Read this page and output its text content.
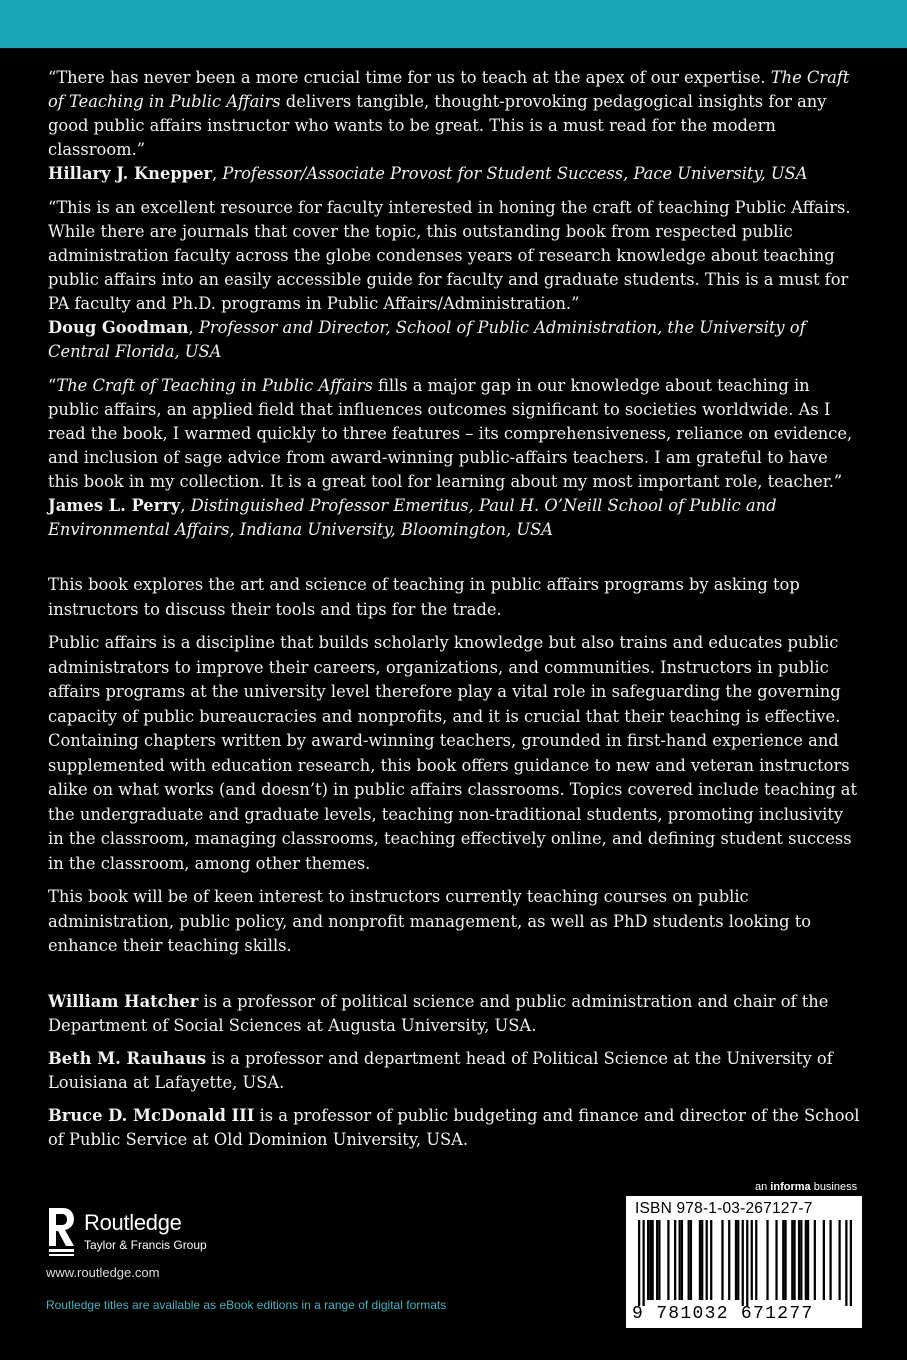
“There has never been a more crucial time for us to teach at the apex of our expertise. The Craft of Teaching in Public Affairs delivers tangible, thought-provoking pedagogical insights for any good public affairs instructor who wants to be great. This is a must read for the modern classroom.”

Hillary J. Knepper, Professor/Associate Provost for Student Success, Pace University, USA

“This is an excellent resource for faculty interested in honing the craft of teaching Public Affairs. While there are journals that cover the topic, this outstanding book from respected public administration faculty across the globe condenses years of research knowledge about teaching public affairs into an easily accessible guide for faculty and graduate students. This is a must for PA faculty and Ph.D. programs in Public Affairs/Administration.”

Doug Goodman, Professor and Director, School of Public Administration, the University of Central Florida, USA

“The Craft of Teaching in Public Affairs fills a major gap in our knowledge about teaching in public affairs, an applied field that influences outcomes significant to societies worldwide. As I read the book, I warmed quickly to three features – its comprehensiveness, reliance on evidence, and inclusion of sage advice from award-winning public-affairs teachers. I am grateful to have this book in my collection. It is a great tool for learning about my most important role, teacher.”

James L. Perry, Distinguished Professor Emeritus, Paul H. O’Neill School of Public and Environmental Affairs, Indiana University, Bloomington, USA

This book explores the art and science of teaching in public affairs programs by asking top instructors to discuss their tools and tips for the trade.

Public affairs is a discipline that builds scholarly knowledge but also trains and educates public administrators to improve their careers, organizations, and communities. Instructors in public affairs programs at the university level therefore play a vital role in safeguarding the governing capacity of public bureaucracies and nonprofits, and it is crucial that their teaching is effective. Containing chapters written by award-winning teachers, grounded in first-hand experience and supplemented with education research, this book offers guidance to new and veteran instructors alike on what works (and doesn’t) in public affairs classrooms. Topics covered include teaching at the undergraduate and graduate levels, teaching non-traditional students, promoting inclusivity in the classroom, managing classrooms, teaching effectively online, and defining student success in the classroom, among other themes.

This book will be of keen interest to instructors currently teaching courses on public administration, public policy, and nonprofit management, as well as PhD students looking to enhance their teaching skills.

William Hatcher is a professor of political science and public administration and chair of the Department of Social Sciences at Augusta University, USA.

Beth M. Rauhaus is a professor and department head of Political Science at the University of Louisiana at Lafayette, USA.

Bruce D. McDonald III is a professor of public budgeting and finance and director of the School of Public Service at Old Dominion University, USA.

Routledge
Taylor & Francis Group
www.routledge.com
Routledge titles are available as eBook editions in a range of digital formats
an informa business
ISBN 978-1-03-267127-7
9 781032 671277
